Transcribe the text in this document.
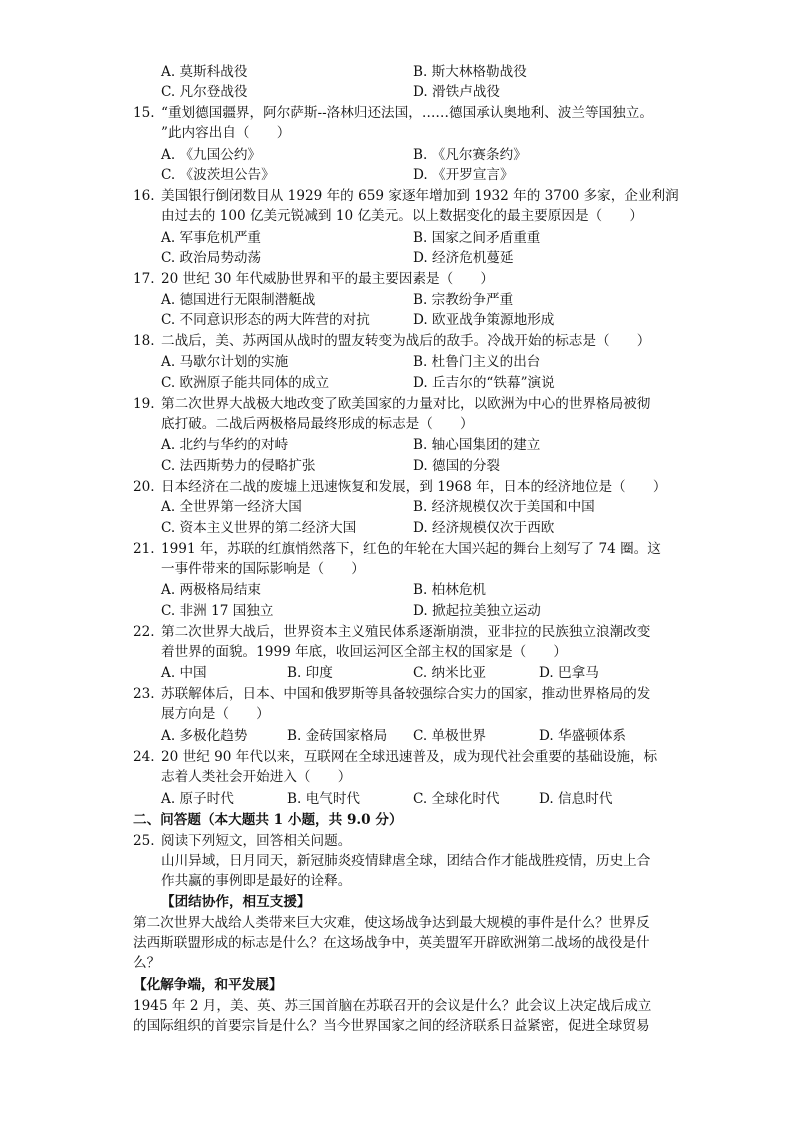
A. 莫斯科战役	B. 斯大林格勒战役
C. 凡尔登战役	D. 滑铁卢战役
15. “重划德国疆界，阿尔萨斯--洛林归还法国，……德国承认奥地利、波兰等国独立。
”此内容出自（　　）
A. 《九国公约》	B. 《凡尔赛条约》
C. 《波茨坦公告》	D. 《开罗宣言》
16. 美国银行倒闭数目从 1929 年的 659 家逐年增加到 1932 年的 3700 多家，企业利润
由过去的 100 亿美元锐减到 10 亿美元。以上数据变化的最主要原因是（　　）
A. 军事危机严重	B. 国家之间矛盾重重
C. 政治局势动荡	D. 经济危机蔓延
17. 20 世纪 30 年代威胁世界和平的最主要因素是（　　）
A. 德国进行无限制潜艇战	B. 宗教纷争严重
C. 不同意识形态的两大阵营的对抗	D. 欧亚战争策源地形成
18. 二战后，美、苏两国从战时的盟友转变为战后的敌手。冷战开始的标志是（　　）
A. 马歇尔计划的实施	B. 杜鲁门主义的出台
C. 欧洲原子能共同体的成立	D. 丘吉尔的“铁幕”演说
19. 第二次世界大战极大地改变了欧美国家的力量对比，以欧洲为中心的世界格局被彻
底打破。二战后两极格局最终形成的标志是（　　）
A. 北约与华约的对峙	B. 轴心国集团的建立
C. 法西斯势力的侵略扩张	D. 德国的分裂
20. 日本经济在二战的废墟上迅速恢复和发展，到 1968 年，日本的经济地位是（　　）
A. 全世界第一经济大国	B. 经济规模仅次于美国和中国
C. 资本主义世界的第二经济大国	D. 经济规模仅次于西欧
21. 1991 年，苏联的红旗悄然落下，红色的年轮在大国兴起的舞台上刻写了 74 圈。这
一事件带来的国际影响是（　　）
A. 两极格局结束	B. 柏林危机
C. 非洲 17 国独立	D. 掀起拉美独立运动
22. 第二次世界大战后，世界资本主义殖民体系逐渐崩溃，亚非拉的民族独立浪潮改变
着世界的面貌。1999 年底，收回运河区全部主权的国家是（　　）
A. 中国	B. 印度	C. 纳米比亚	D. 巴拿马
23. 苏联解体后，日本、中国和俄罗斯等具备较强综合实力的国家，推动世界格局的发
展方向是（　　）
A. 多极化趋势	B. 金砖国家格局 C. 单极世界	D. 华盛顿体系
24. 20 世纪 90 年代以来，互联网在全球迅速普及，成为现代社会重要的基础设施，标
志着人类社会开始进入（　　）
A. 原子时代	B. 电气时代	C. 全球化时代	D. 信息时代
二、问答题（本大题共 1 小题，共 9.0 分）
25. 阅读下列短文，回答相关问题。
山川异域，日月同天，新冠肺炎疫情肆虐全球，团结合作才能战胜疫情，历史上合
作共赢的事例即是最好的诠释。
【团结协作，相互支援】
第二次世界大战给人类带来巨大灾难，使这场战争达到最大规模的事件是什么？世界反
法西斯联盟形成的标志是什么？在这场战争中，英美盟军开辟欧洲第二战场的战役是什
么？
【化解争端，和平发展】
1945 年 2 月，美、英、苏三国首脑在苏联召开的会议是什么？此会议上决定战后成立
的国际组织的首要宗旨是什么？当今世界国家之间的经济联系日益紧密，促进全球贸易
